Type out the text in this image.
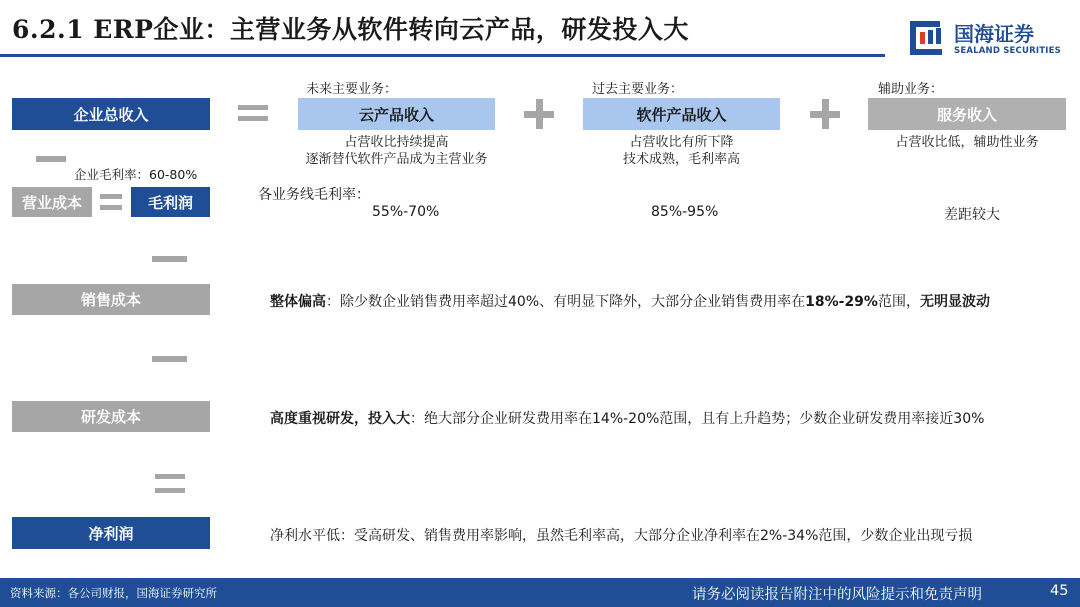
6.2.1 ERP企业：主营业务从软件转向云产品，研发投入大	国海证券
SEALAND SECURITIES
企业总收入
未来主要业务：
云产品收入
占营收比持续提高
逐渐替代软件产品成为主营业务
过去主要业务：
软件产品收入
占营收比有所下降
技术成熟，毛利率高
辅助业务：
服务收入
占营收比低，辅助性业务
企业毛利率：60-80%
营业成本	毛利润	各业务线毛利率：
55%-70%	85%-95%	差距较大
销售成本	整体偏高：除少数企业销售费用率超过40%、有明显下降外，大部分企业销售费用率在18%-29%范围，无明显波动
研发成本	高度重视研发，投入大：绝大部分企业研发费用率在14%-20%范围，且有上升趋势；少数企业研发费用率接近30%
净利润	净利水平低：受高研发、销售费用率影响，虽然毛利率高，大部分企业净利率在2%-34%范围，少数企业出现亏损
资料来源：各公司财报，国海证券研究所	请务必阅读报告附注中的风险提示和免责声明	45
